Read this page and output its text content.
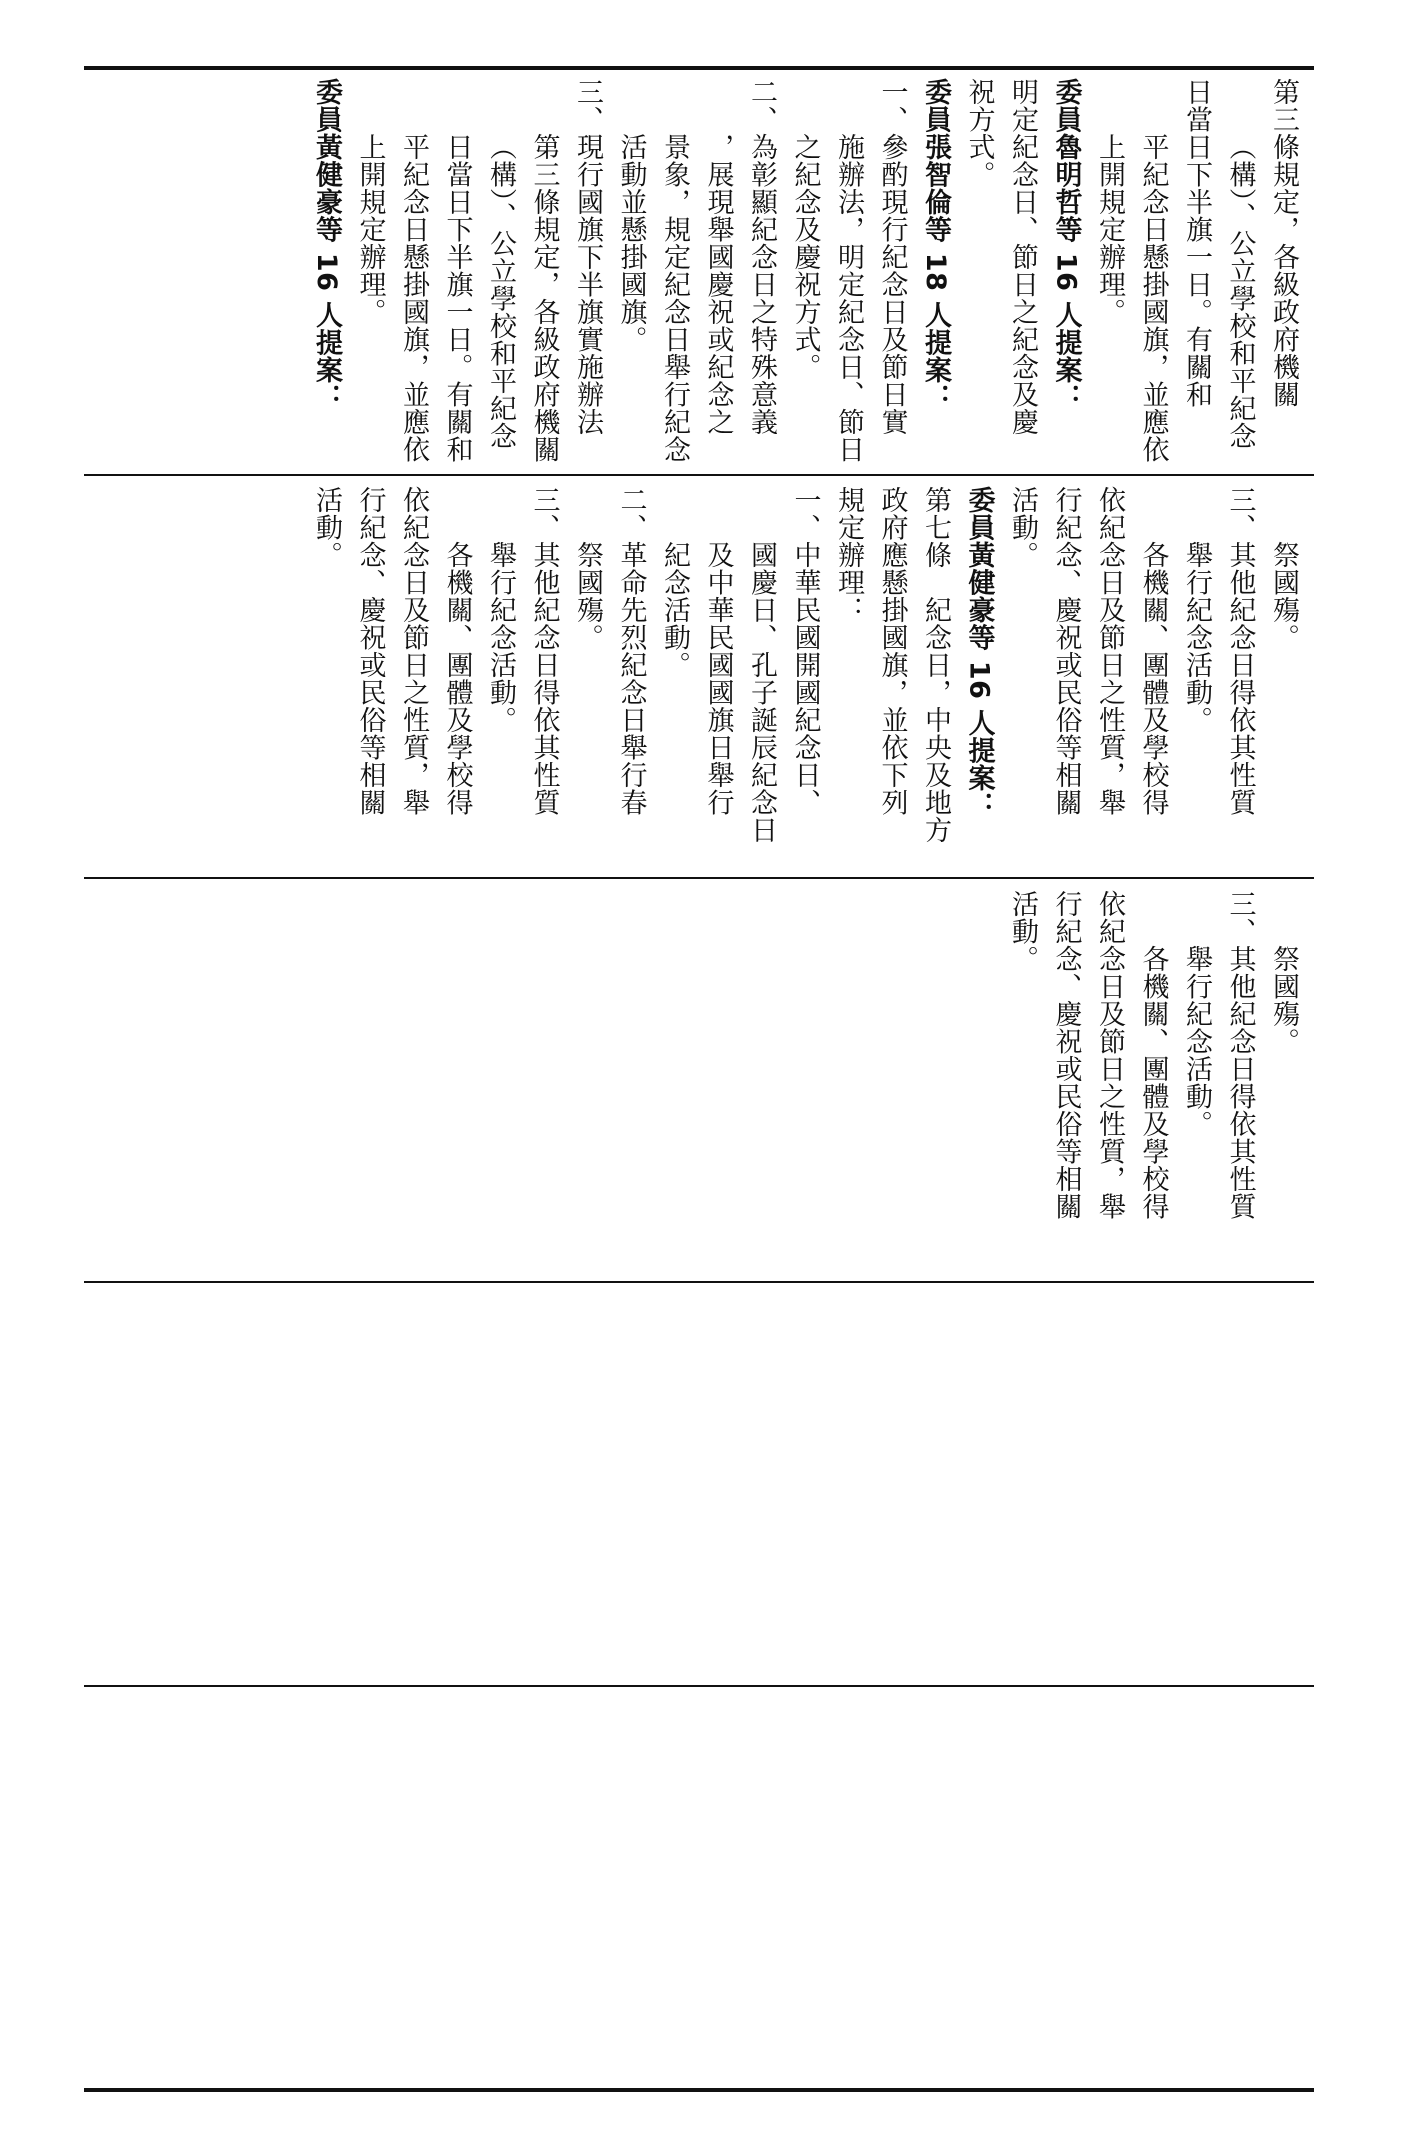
第三條規定，各級政府機關

（構）、公立學校和平紀念

日當日下半旗一日。有關和

平紀念日懸掛國旗，並應依

上開規定辦理。

委員魯明哲等 16 人提案：

明定紀念日、節日之紀念及慶

祝方式。

委員張智倫等 18 人提案：

一、參酌現行紀念日及節日實

施辦法，明定紀念日、節日

之紀念及慶祝方式。

二、為彰顯紀念日之特殊意義

，展現舉國慶祝或紀念之

景象，規定紀念日舉行紀念

活動並懸掛國旗。

三、現行國旗下半旗實施辦法

第三條規定，各級政府機關

（構）、公立學校和平紀念

日當日下半旗一日。有關和

平紀念日懸掛國旗，並應依

上開規定辦理。

委員黃健豪等 16 人提案：

祭國殤。

三、其他紀念日得依其性質

舉行紀念活動。

各機關、團體及學校得

依紀念日及節日之性質，舉

行紀念、慶祝或民俗等相關

活動。

委員黃健豪等 16 人提案：

第七條　紀念日，中央及地方

政府應懸掛國旗，並依下列

規定辦理：

一、中華民國開國紀念日、

國慶日、孔子誕辰紀念日

及中華民國國旗日舉行

紀念活動。

二、革命先烈紀念日舉行春

祭國殤。

三、其他紀念日得依其性質

舉行紀念活動。

各機關、團體及學校得

依紀念日及節日之性質，舉

行紀念、慶祝或民俗等相關

活動。

祭國殤。

三、其他紀念日得依其性質

舉行紀念活動。

各機關、團體及學校得

依紀念日及節日之性質，舉

行紀念、慶祝或民俗等相關

活動。
